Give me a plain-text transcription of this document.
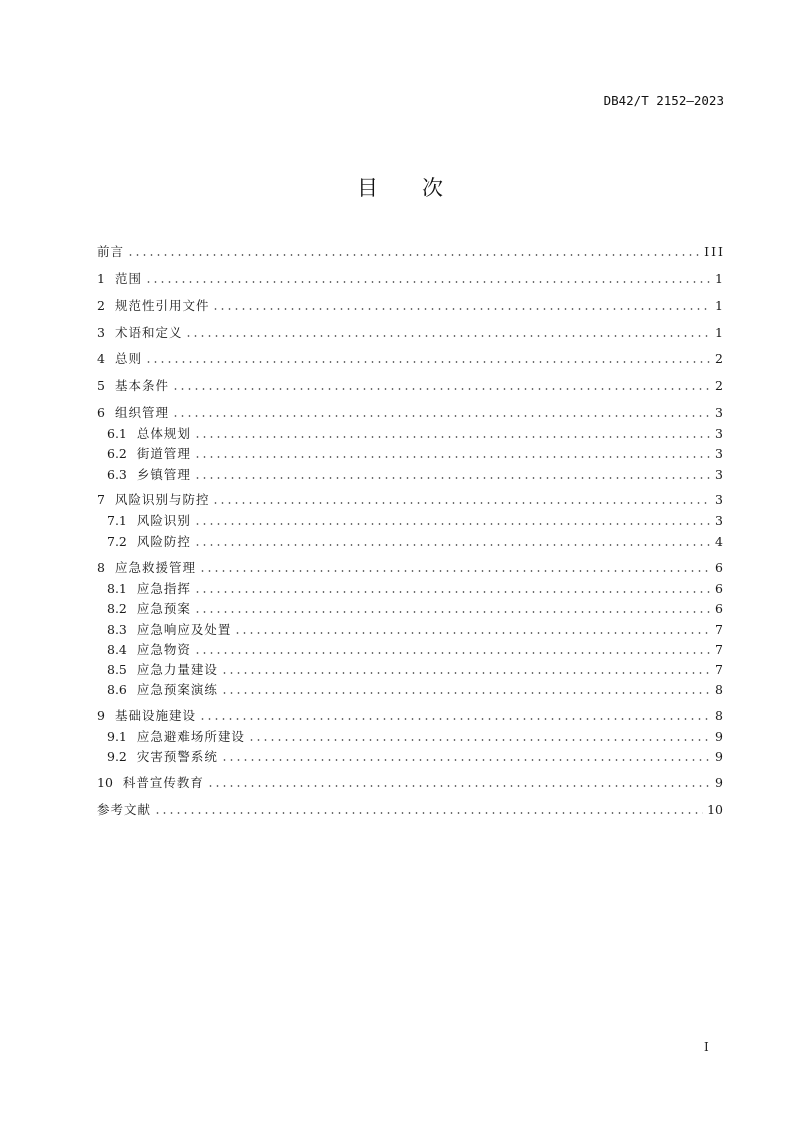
DB42/T 2152—2023
目 次
前言	III
1 范围	1
2 规范性引用文件	1
3 术语和定义	1
4 总则	2
5 基本条件	2
6 组织管理	3
6.1 总体规划	3
6.2 街道管理	3
6.3 乡镇管理	3
7 风险识别与防控	3
7.1 风险识别	3
7.2 风险防控	4
8 应急救援管理	6
8.1 应急指挥	6
8.2 应急预案	6
8.3 应急响应及处置	7
8.4 应急物资	7
8.5 应急力量建设	7
8.6 应急预案演练	8
9 基础设施建设	8
9.1 应急避难场所建设	9
9.2 灾害预警系统	9
10 科普宣传教育	9
参考文献	10
I
